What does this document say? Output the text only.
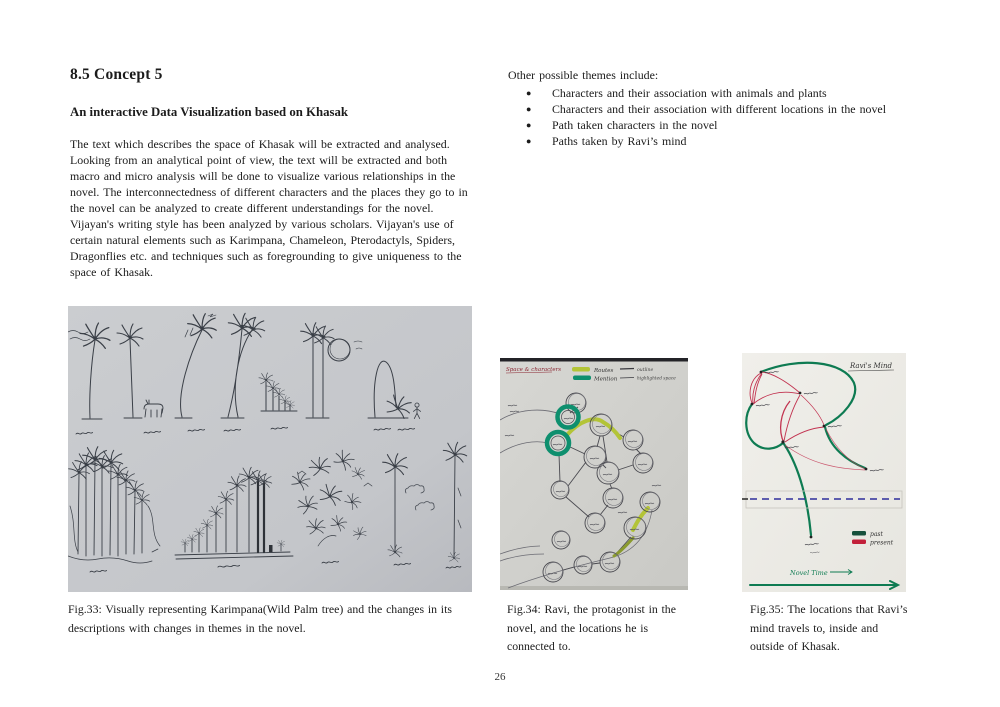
8.5 Concept 5
An interactive Data Visualization based on Khasak

The text which describes the space of Khasak will be extracted and analysed. Looking from an analytical point of view, the text will be extracted and both macro and micro analysis will be done to visualize various relationships in the novel. The interconnectedness of different characters and the places they go to in the novel can be analyzed to create different understandings for the novel. Vijayan's writing style has been analyzed by various scholars. Vijayan's use of certain natural elements such as Karimpana, Chameleon, Pterodactyls, Spiders, Dragonflies etc. and techniques such as foregrounding to give uniqueness to the space of Khasak.

Other possible themes include:
● Characters and their association with animals and plants
● Characters and their association with different locations in the novel
● Path taken characters in the novel
● Paths taken by Ravi’s mind
Space & characters	Routes
Mention
outline
highlighted space
Ravi's Mind
past
present
Novel Time
Fig.33: Visually representing Karimpana(Wild Palm tree) and the changes in its descriptions with changes in themes in the novel.
Fig.34: Ravi, the protagonist in the novel, and the locations he is connected to.
Fig.35: The locations that Ravi’s mind travels to, inside and outside of Khasak.
26
